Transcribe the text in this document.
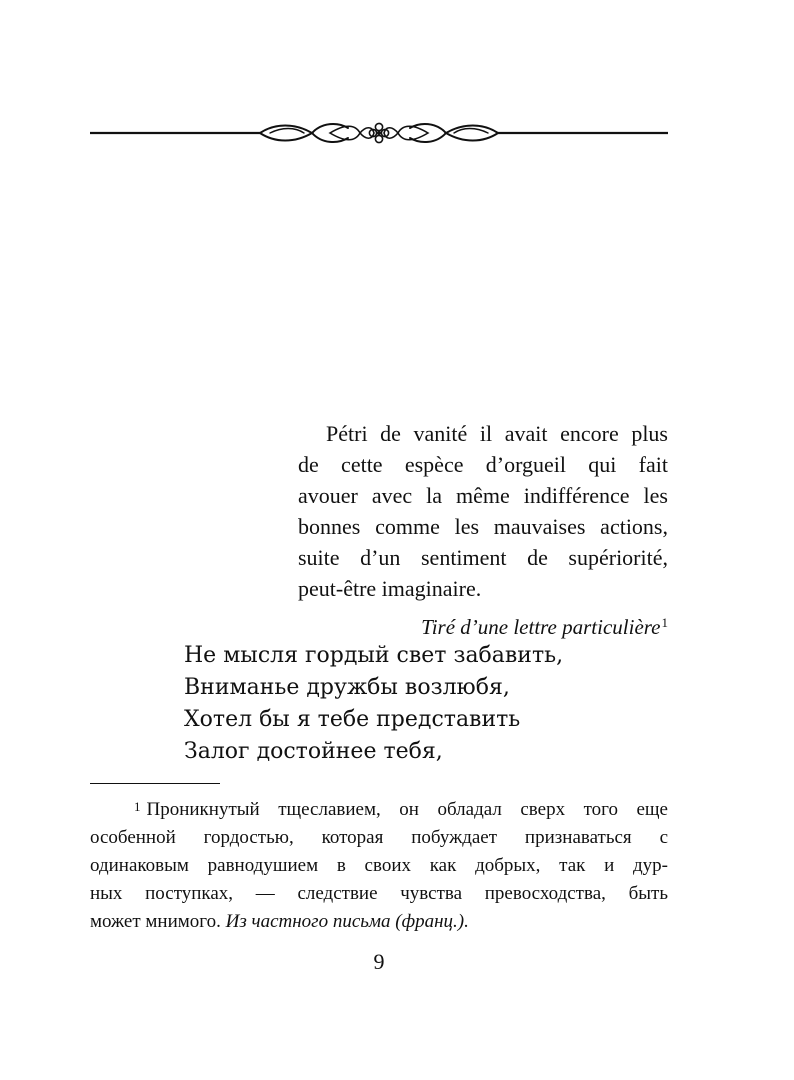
Pétri de vanité il avait encore plus
de cette espèce d’orgueil qui fait
avouer avec la même indifférence les
bonnes comme les mauvaises actions,
suite d’un sentiment de supériorité,
peut-être imaginaire.

Tiré d’une lettre particulière$^1$

Не мысля гордый свет забавить,
Вниманье дружбы возлюбя,
Хотел бы я тебе представить
Залог достойнее тебя,
$^1$ Проникнутый тщеславием, он обладал сверх того еще
особенной гордостью, которая побуждает признаваться с
одинаковым равнодушием в своих как добрых, так и дур-
ных поступках, — следствие чувства превосходства, быть
может мнимого. Из частного письма (франц.).
9
